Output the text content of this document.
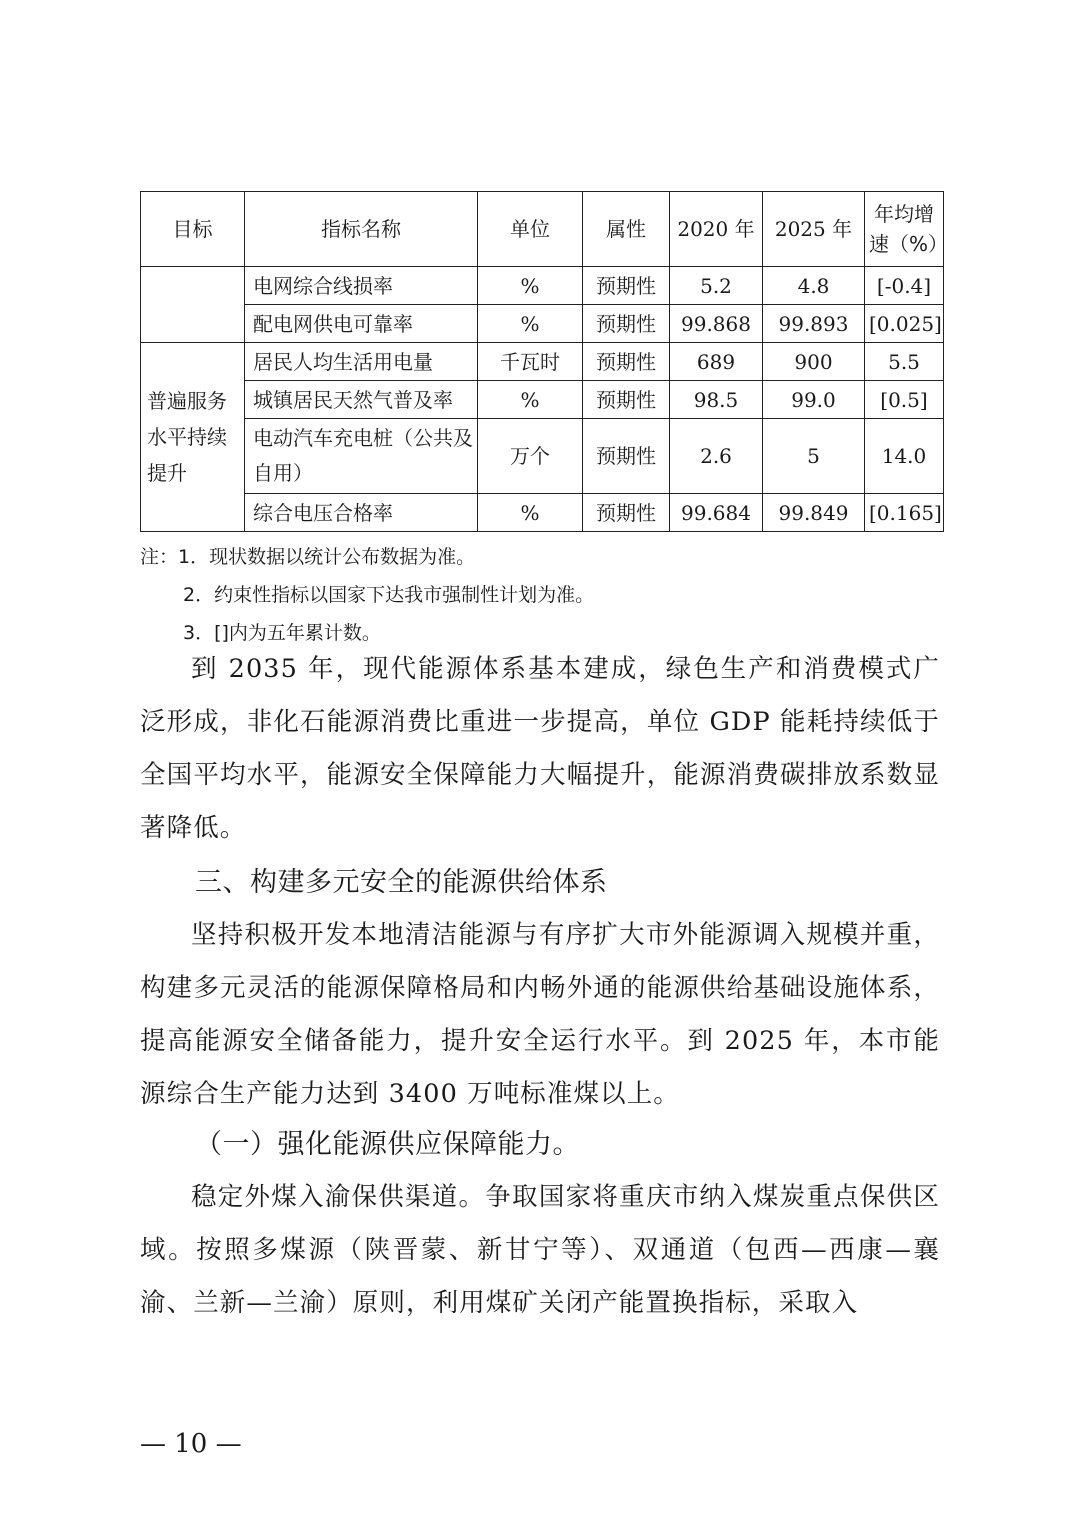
目标	指标名称	单位	属性	2020 年	2025 年	年均增速（%）
	电网综合线损率	%	预期性	5.2	4.8	[-0.4]
	配电网供电可靠率	%	预期性	99.868	99.893	[0.025]
普遍服务水平持续提升	居民人均生活用电量	千瓦时	预期性	689	900	5.5
	城镇居民天然气普及率	%	预期性	98.5	99.0	[0.5]
	电动汽车充电桩（公共及自用）	万个	预期性	2.6	5	14.0
	综合电压合格率	%	预期性	99.684	99.849	[0.165]
注：1．现状数据以统计公布数据为准。
2．约束性指标以国家下达我市强制性计划为准。
3．[]内为五年累计数。
到 2035 年，现代能源体系基本建成，绿色生产和消费模式广泛形成，非化石能源消费比重进一步提高，单位 GDP 能耗持续低于全国平均水平，能源安全保障能力大幅提升，能源消费碳排放系数显著降低。
三、构建多元安全的能源供给体系
坚持积极开发本地清洁能源与有序扩大市外能源调入规模并重，构建多元灵活的能源保障格局和内畅外通的能源供给基础设施体系，提高能源安全储备能力，提升安全运行水平。到 2025 年，本市能源综合生产能力达到 3400 万吨标准煤以上。
（一）强化能源供应保障能力。
稳定外煤入渝保供渠道。争取国家将重庆市纳入煤炭重点保供区域。按照多煤源（陕晋蒙、新甘宁等）、双通道（包西—西康—襄渝、兰新—兰渝）原则，利用煤矿关闭产能置换指标，采取入
— 10 —
